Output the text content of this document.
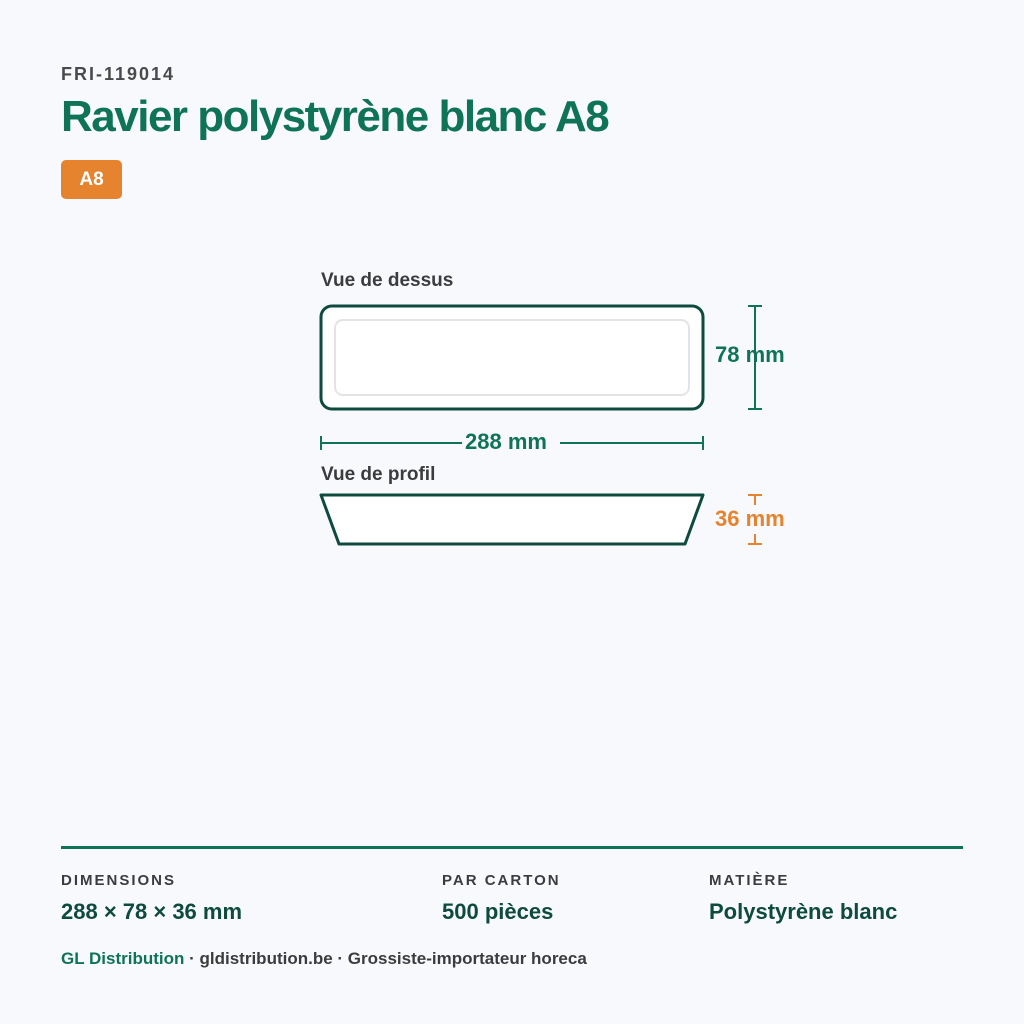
FRI-119014
Ravier polystyrène blanc A8
A8
Vue de dessus
Vue de profil
78 mm
288 mm
36 mm
DIMENSIONS
288 × 78 × 36 mm
PAR CARTON
500 pièces
MATIÈRE
Polystyrène blanc
GL Distribution · gldistribution.be · Grossiste-importateur horeca
